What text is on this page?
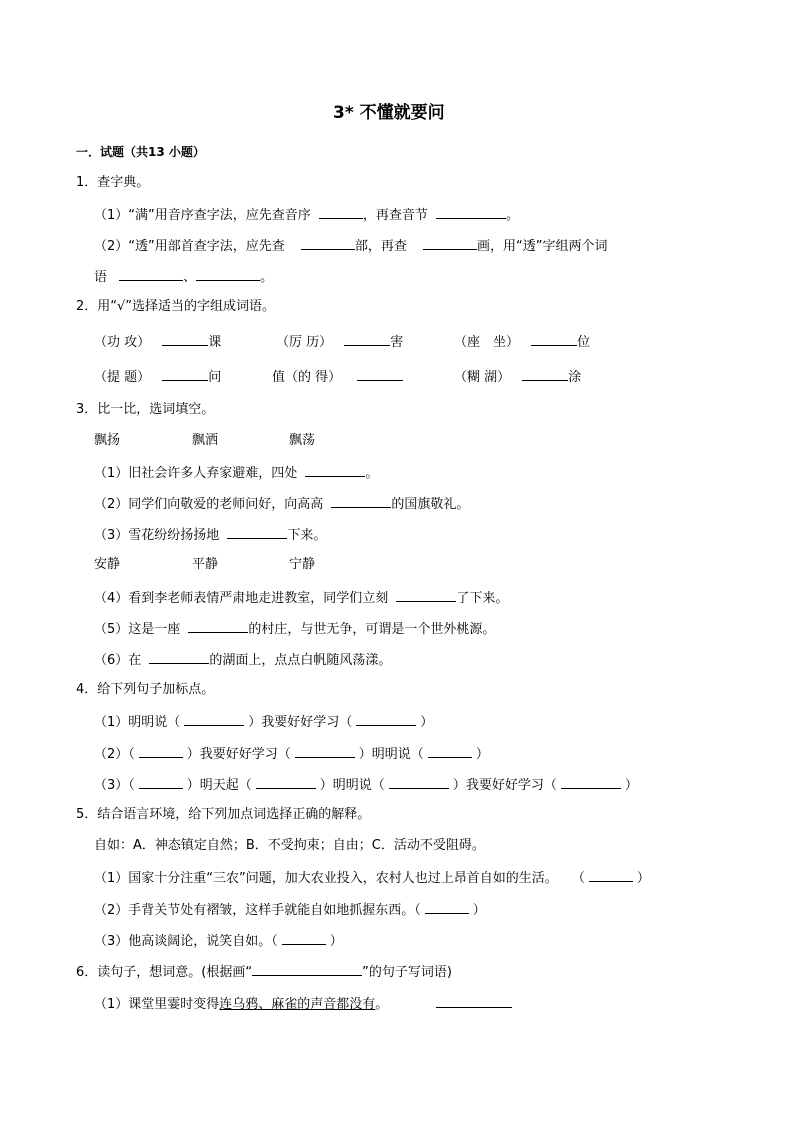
3* 不懂就要问
一．试题（共13 小题）
1．查字典。
（1）“满”用音序查字法，应先查音序	，再查音节	。
（2）“透”用部首查字法，应先查	部，再查	画，用“透”字组两个词
语	、	。
2．用“√”选择适当的字组成词语。
（功 攻）	课	（厉 历）	害	（座　坐）	位
（提 题）	问	值（的 得）	（糊 湖）	涂
3．比一比，选词填空。
飘扬	飘洒	飘荡
（1）旧社会许多人弃家避难，四处	。
（2）同学们向敬爱的老师问好，向高高	的国旗敬礼。
（3）雪花纷纷扬扬地	下来。
安静	平静	宁静
（4）看到李老师表情严肃地走进教室，同学们立刻	了下来。
（5）这是一座	的村庄，与世无争，可谓是一个世外桃源。
（6）在	的湖面上，点点白帆随风荡漾。
4．给下列句子加标点。
（1）明明说（	）我要好好学习（	）
（2）（	）我要好好学习（	）明明说（	）
（3）（	）明天起（	）明明说（	）我要好好学习（	）
5．结合语言环境，给下列加点词选择正确的解释。
自如：A．神态镇定自然；B．不受拘束；自由；C．活动不受阻碍。
（1）国家十分注重“三农”问题，加大农业投入，农村人也过上昂首自如的生活。 （	）
（2）手背关节处有褶皱，这样手就能自如地抓握东西。（	）
（3）他高谈阔论，说笑自如。（	）
6．读句子，想词意。(根据画“	”的句子写词语)
（1）课堂里霎时变得连乌鸦、麻雀的声音都没有。
